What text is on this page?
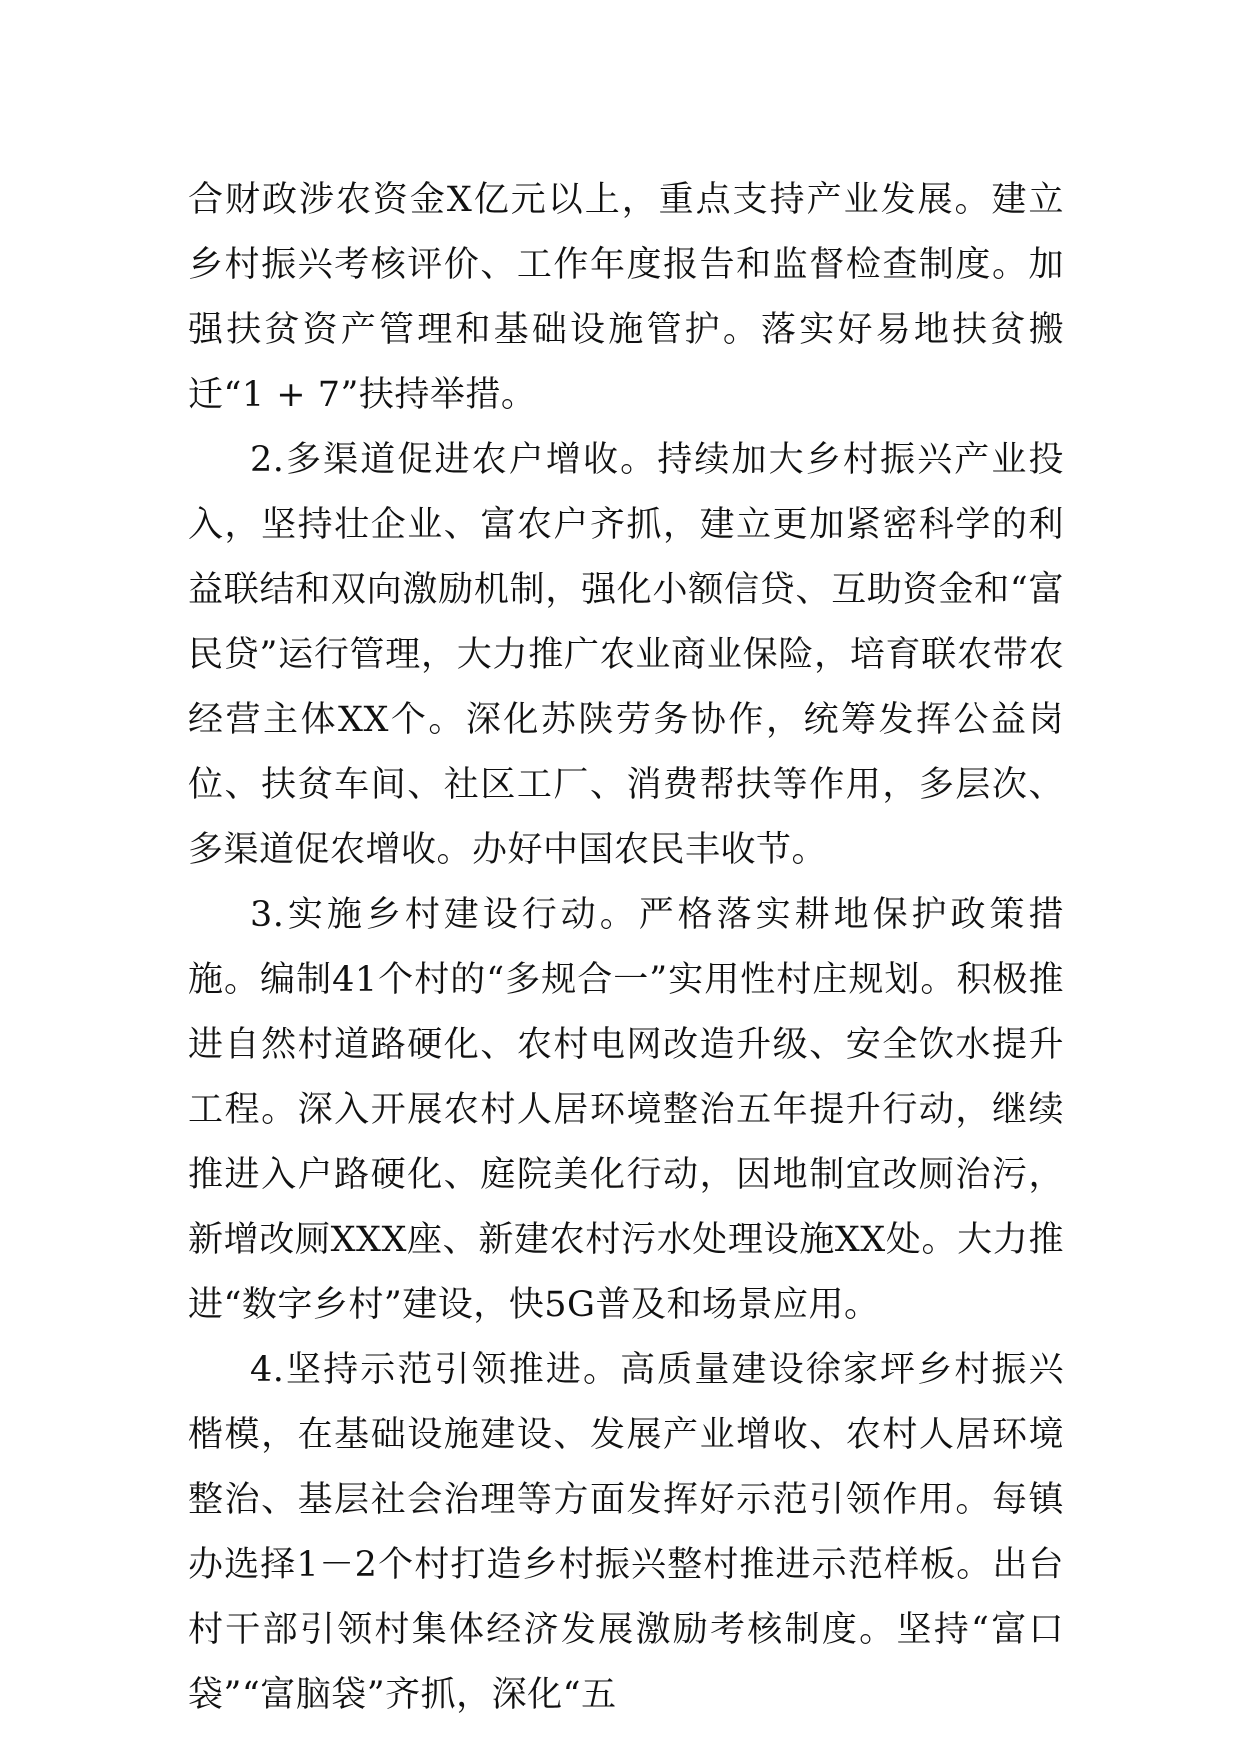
合财政涉农资金X亿元以上，重点支持产业发展。建立乡村振兴考核评价、工作年度报告和监督检查制度。加强扶贫资产管理和基础设施管护。落实好易地扶贫搬迁“1 + 7”扶持举措。

2.多渠道促进农户增收。持续加大乡村振兴产业投入，坚持壮企业、富农户齐抓，建立更加紧密科学的利益联结和双向激励机制，强化小额信贷、互助资金和“富民贷”运行管理，大力推广农业商业保险，培育联农带农经营主体XX个。深化苏陕劳务协作，统筹发挥公益岗位、扶贫车间、社区工厂、消费帮扶等作用，多层次、多渠道促农增收。办好中国农民丰收节。

3.实施乡村建设行动。严格落实耕地保护政策措施。编制41个村的“多规合一”实用性村庄规划。积极推进自然村道路硬化、农村电网改造升级、安全饮水提升工程。深入开展农村人居环境整治五年提升行动，继续推进入户路硬化、庭院美化行动，因地制宜改厕治污，新增改厕XXX座、新建农村污水处理设施XX处。大力推进“数字乡村”建设，快5G普及和场景应用。

4.坚持示范引领推进。高质量建设徐家坪乡村振兴楷模，在基础设施建设、发展产业增收、农村人居环境整治、基层社会治理等方面发挥好示范引领作用。每镇办选择1－2个村打造乡村振兴整村推进示范样板。出台村干部引领村集体经济发展激励考核制度。坚持“富口袋”“富脑袋”齐抓，深化“五
